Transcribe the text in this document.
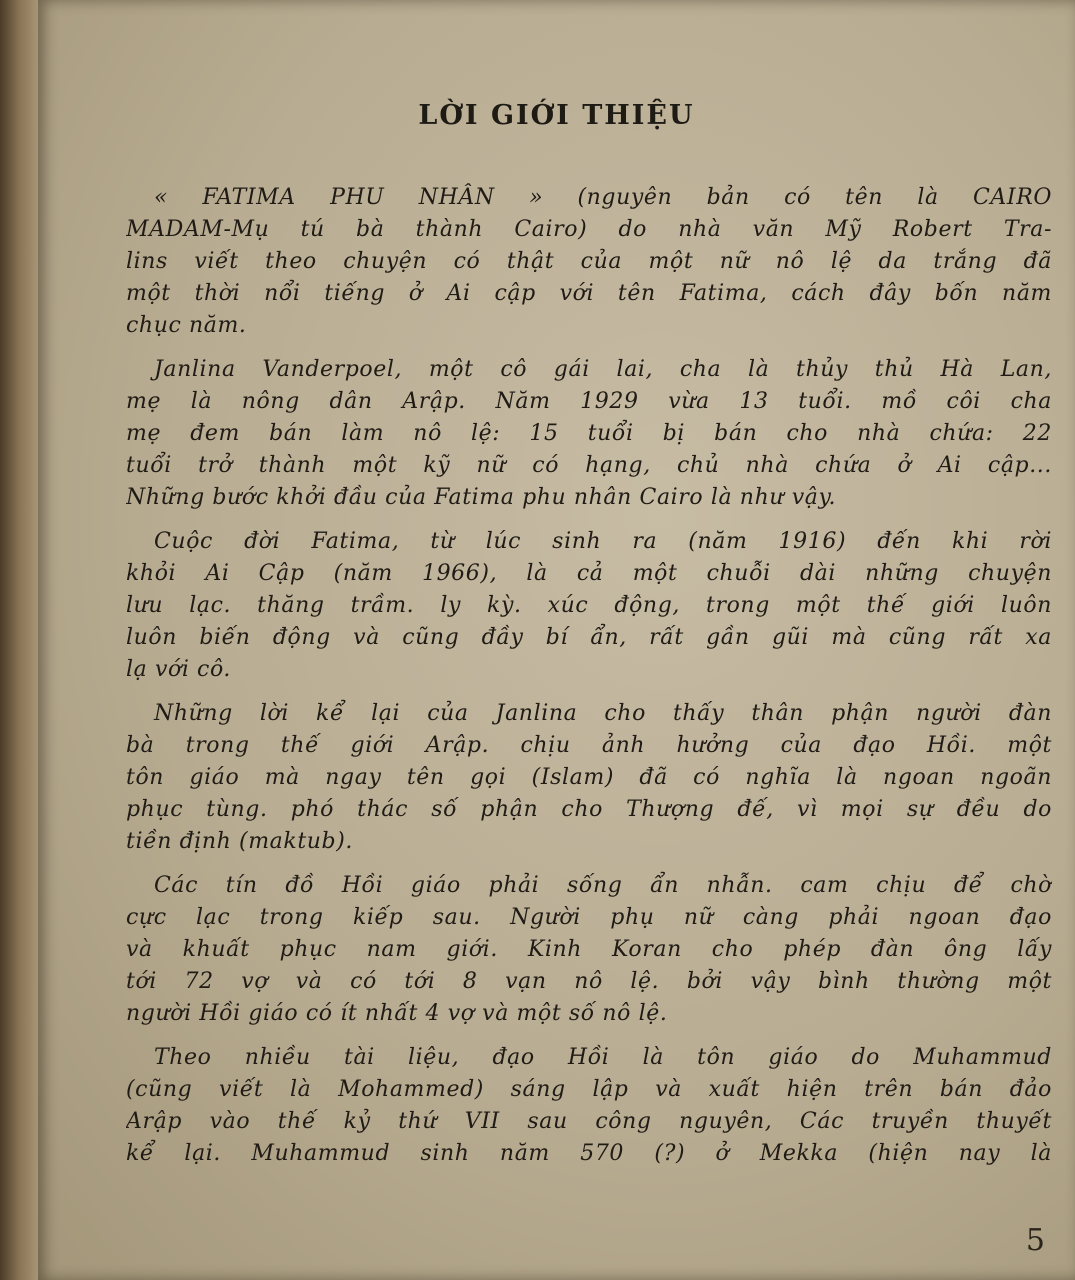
LỜI GIỚI THIỆU
« FATIMA PHU NHÂN » (nguyên bản có tên là CAIRO
MADAM-Mụ tú bà thành Cairo) do nhà văn Mỹ Robert Tra-
lins viết theo chuyện có thật của một nữ nô lệ da trắng đã
một thời nổi tiếng ở Ai cập với tên Fatima, cách đây bốn năm
chục năm.
Janlina Vanderpoel, một cô gái lai, cha là thủy thủ Hà Lan,
mẹ là nông dân Arập. Năm 1929 vừa 13 tuổi. mồ côi cha
mẹ đem bán làm nô lệ: 15 tuổi bị bán cho nhà chứa: 22
tuổi trở thành một kỹ nữ có hạng, chủ nhà chứa ở Ai cập...
Những bước khởi đầu của Fatima phu nhân Cairo là như vậy.
Cuộc đời Fatima, từ lúc sinh ra (năm 1916) đến khi rời
khỏi Ai Cập (năm 1966), là cả một chuỗi dài những chuyện
lưu lạc. thăng trầm. ly kỳ. xúc động, trong một thế giới luôn
luôn biến động và cũng đầy bí ẩn, rất gần gũi mà cũng rất xa
lạ với cô.
Những lời kể lại của Janlina cho thấy thân phận người đàn
bà trong thế giới Arập. chịu ảnh hưởng của đạo Hồi. một
tôn giáo mà ngay tên gọi (Islam) đã có nghĩa là ngoan ngoãn
phục tùng. phó thác số phận cho Thượng đế, vì mọi sự đều do
tiền định (maktub).
Các tín đồ Hồi giáo phải sống ẩn nhẫn. cam chịu để chờ
cực lạc trong kiếp sau. Người phụ nữ càng phải ngoan đạo
và khuất phục nam giới. Kinh Koran cho phép đàn ông lấy
tới 72 vợ và có tới 8 vạn nô lệ. bởi vậy bình thường một
người Hồi giáo có ít nhất 4 vợ và một số nô lệ.
Theo nhiều tài liệu, đạo Hồi là tôn giáo do Muhammud
(cũng viết là Mohammed) sáng lập và xuất hiện trên bán đảo
Arập vào thế kỷ thứ VII sau công nguyên, Các truyền thuyết
kể lại. Muhammud sinh năm 570 (?) ở Mekka (hiện nay là
5
